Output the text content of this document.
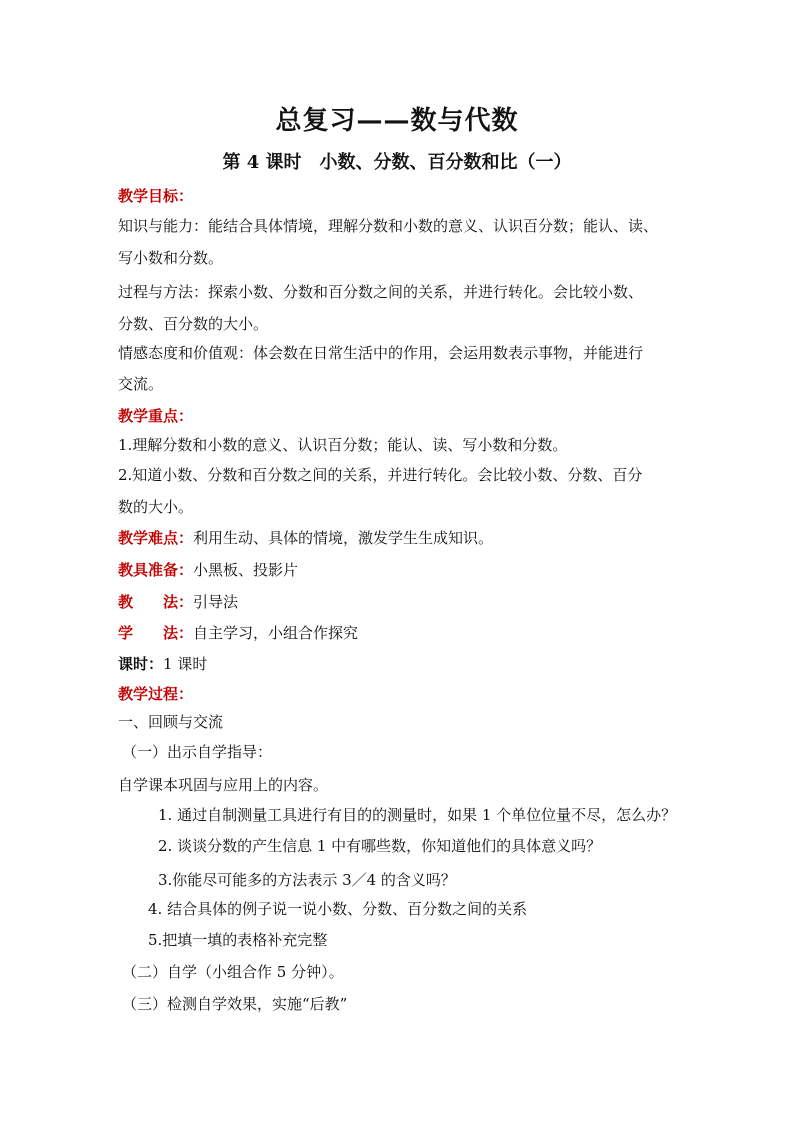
总复习——数与代数
第 4 课时　小数、分数、百分数和比（一）
教学目标：
知识与能力：能结合具体情境，理解分数和小数的意义、认识百分数；能认、读、
写小数和分数。
过程与方法：探索小数、分数和百分数之间的关系，并进行转化。会比较小数、
分数、百分数的大小。
情感态度和价值观：体会数在日常生活中的作用，会运用数表示事物，并能进行
交流。
教学重点：
1.理解分数和小数的意义、认识百分数；能认、读、写小数和分数。
2.知道小数、分数和百分数之间的关系，并进行转化。会比较小数、分数、百分
数的大小。
教学难点：利用生动、具体的情境，激发学生生成知识。
教具准备：小黑板、投影片
教　　法：引导法
学　　法：自主学习，小组合作探究
课时：1 课时
教学过程：
一、回顾与交流
（一）出示自学指导：
自学课本巩固与应用上的内容。
1. 通过自制测量工具进行有目的的测量时，如果 1 个单位位量不尽，怎么办？
2. 谈谈分数的产生信息 1 中有哪些数，你知道他们的具体意义吗？
3.你能尽可能多的方法表示 3／4 的含义吗？
4. 结合具体的例子说一说小数、分数、百分数之间的关系
5.把填一填的表格补充完整
（二）自学（小组合作 5 分钟）。
（三）检测自学效果，实施“后教”
